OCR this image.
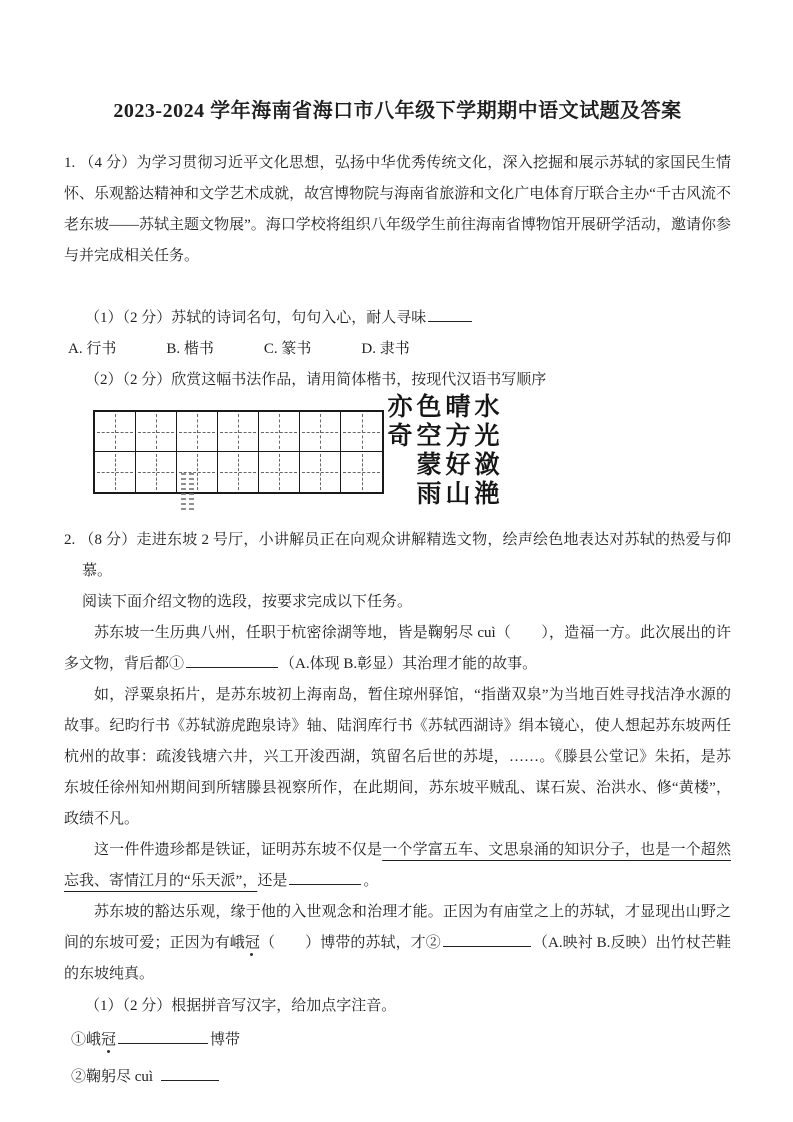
2023-2024 学年海南省海口市八年级下学期期中语文试题及答案

1. （4 分）为学习贯彻习近平文化思想，弘扬中华优秀传统文化，深入挖掘和展示苏轼的家国民生情怀、乐观豁达精神和文学艺术成就，故宫博物院与海南省旅游和文化广电体育厅联合主办“千古风流不老东坡——苏轼主题文物展”。海口学校将组织八年级学生前往海南省博物馆开展研学活动，邀请你参与并完成相关任务。

（1）（2 分）苏轼的诗词名句，句句入心，耐人寻味

A. 行书	B. 楷书	C. 篆书	D. 隶书

（2）（2 分）欣赏这幅书法作品，请用简体楷书，按现代汉语书写顺序

水光潋滟
晴方好山
色空蒙雨
亦奇

2. （8 分）走进东坡 2 号厅，小讲解员正在向观众讲解精选文物，绘声绘色地表达对苏轼的热爱与仰慕。
阅读下面介绍文物的选段，按要求完成以下任务。

苏东坡一生历典八州，任职于杭密徐湖等地，皆是鞠躬尽 cuì（　　），造福一方。此次展出的许多文物，背后都①	（A.体现 B.彰显）其治理才能的故事。

如，浮粟泉拓片，是苏东坡初上海南岛，暂住琼州驿馆，“指凿双泉”为当地百姓寻找洁净水源的故事。纪昀行书《苏轼游虎跑泉诗》轴、陆润库行书《苏轼西湖诗》绢本镜心，使人想起苏东坡两任杭州的故事：疏浚钱塘六井，兴工开浚西湖，筑留名后世的苏堤，……。《滕县公堂记》朱拓，是苏东坡任徐州知州期间到所辖滕县视察所作，在此期间，苏东坡平贼乱、谋石炭、治洪水、修“黄楼”，政绩不凡。

这一件件遗珍都是铁证，证明苏东坡不仅是一个学富五车、文思泉涌的知识分子，也是一个超然忘我、寄情江月的“乐天派”，还是	。

苏东坡的豁达乐观，缘于他的入世观念和治理才能。正因为有庙堂之上的苏轼，才显现出山野之间的东坡可爱；正因为有峨冠（　　）博带的苏轼，才②	（A.映衬 B.反映）出竹杖芒鞋的东坡纯真。

（1）（2 分）根据拼音写汉字，给加点字注音。

①峨冠	博带

②鞠躬尽 cuì
